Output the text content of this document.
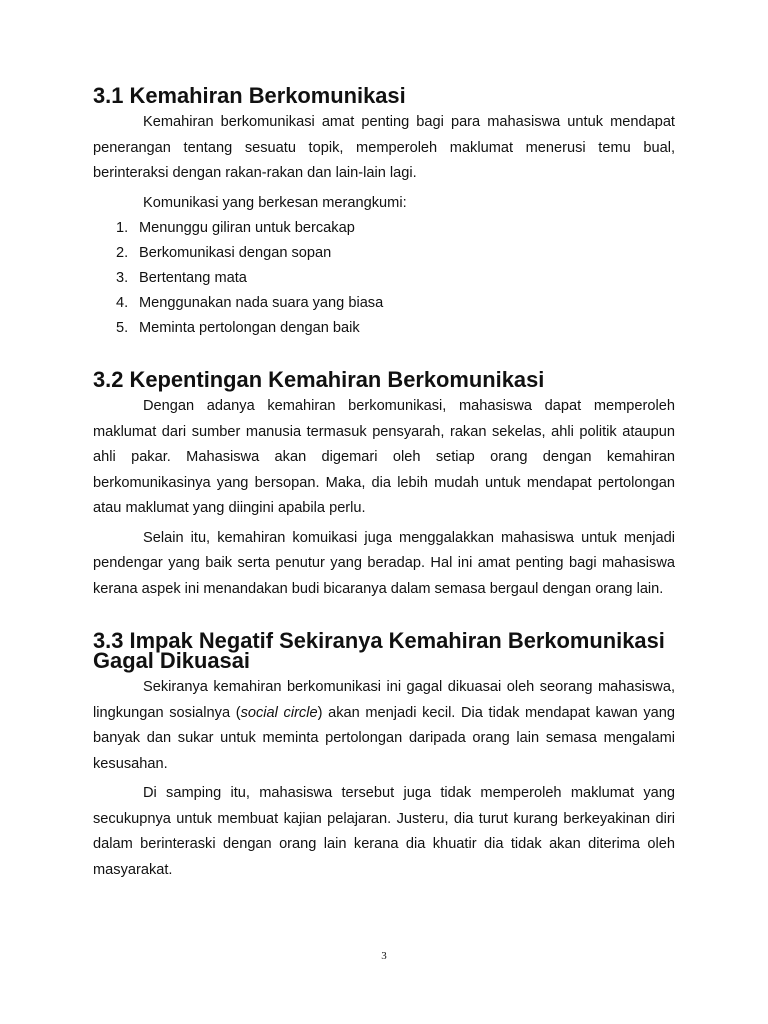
3.1 Kemahiran Berkomunikasi

Kemahiran berkomunikasi amat penting bagi para mahasiswa untuk mendapat penerangan tentang sesuatu topik, memperoleh maklumat menerusi temu bual, berinteraksi dengan rakan-rakan dan lain-lain lagi.

Komunikasi yang berkesan merangkumi:

1. Menunggu giliran untuk bercakap
2. Berkomunikasi dengan sopan
3. Bertentang mata
4. Menggunakan nada suara yang biasa
5. Meminta pertolongan dengan baik
3.2 Kepentingan Kemahiran Berkomunikasi

Dengan adanya kemahiran berkomunikasi, mahasiswa dapat memperoleh maklumat dari sumber manusia termasuk pensyarah, rakan sekelas, ahli politik ataupun ahli pakar. Mahasiswa akan digemari oleh setiap orang dengan kemahiran berkomunikasinya yang bersopan. Maka, dia lebih mudah untuk mendapat pertolongan atau maklumat yang diingini apabila perlu.

Selain itu, kemahiran komuikasi juga menggalakkan mahasiswa untuk menjadi pendengar yang baik serta penutur yang beradap. Hal ini amat penting bagi mahasiswa kerana aspek ini menandakan budi bicaranya dalam semasa bergaul dengan orang lain.

3.3 Impak Negatif Sekiranya Kemahiran Berkomunikasi Gagal Dikuasai

Sekiranya kemahiran berkomunikasi ini gagal dikuasai oleh seorang mahasiswa, lingkungan sosialnya (social circle) akan menjadi kecil. Dia tidak mendapat kawan yang banyak dan sukar untuk meminta pertolongan daripada orang lain semasa mengalami kesusahan.

Di samping itu, mahasiswa tersebut juga tidak memperoleh maklumat yang secukupnya untuk membuat kajian pelajaran. Justeru, dia turut kurang berkeyakinan diri dalam berinteraski dengan orang lain kerana dia khuatir dia tidak akan diterima oleh masyarakat.

3
